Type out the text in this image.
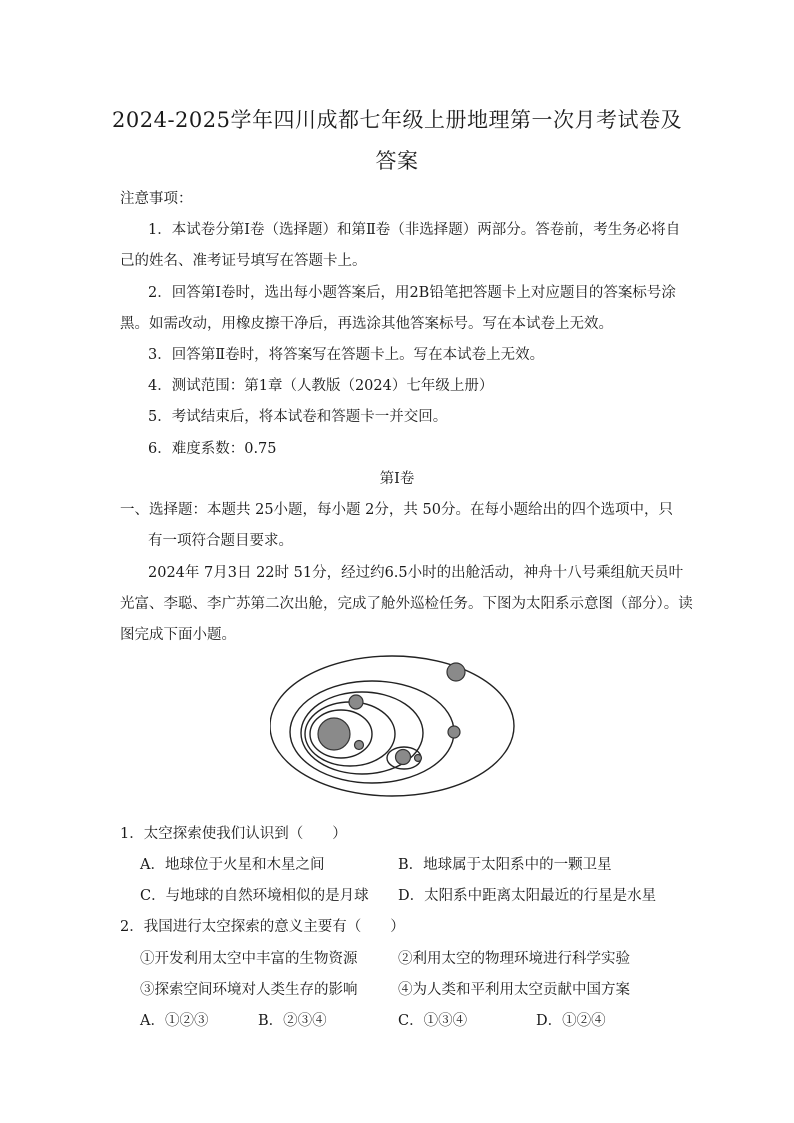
2024-2025学年四川成都七年级上册地理第一次月考试卷及
答案
注意事项：
1．本试卷分第Ⅰ卷（选择题）和第Ⅱ卷（非选择题）两部分。答卷前，考生务必将自
己的姓名、准考证号填写在答题卡上。
2．回答第Ⅰ卷时，选出每小题答案后，用2B铅笔把答题卡上对应题目的答案标号涂
黑。如需改动，用橡皮擦干净后，再选涂其他答案标号。写在本试卷上无效。
3．回答第Ⅱ卷时，将答案写在答题卡上。写在本试卷上无效。
4．测试范围：第1章（人教版（2024）七年级上册）
5．考试结束后，将本试卷和答题卡一并交回。
6．难度系数：0.75
第Ⅰ卷
一、选择题：本题共 25小题，每小题 2分，共 50分。在每小题给出的四个选项中，只
有一项符合题目要求。
2024年 7月3日 22时 51分，经过约6.5小时的出舱活动，神舟十八号乘组航天员叶
光富、李聪、李广苏第二次出舱，完成了舱外巡检任务。下图为太阳系示意图（部分）。读
图完成下面小题。
1．太空探索使我们认识到（　　）
A．地球位于火星和木星之间	B．地球属于太阳系中的一颗卫星
C．与地球的自然环境相似的是月球 D．太阳系中距离太阳最近的行星是水星
2．我国进行太空探索的意义主要有（　　）
①开发利用太空中丰富的生物资源	②利用太空的物理环境进行科学实验
③探索空间环境对人类生存的影响	④为人类和平利用太空贡献中国方案
A．①②③	B．②③④	C．①③④	D．①②④
